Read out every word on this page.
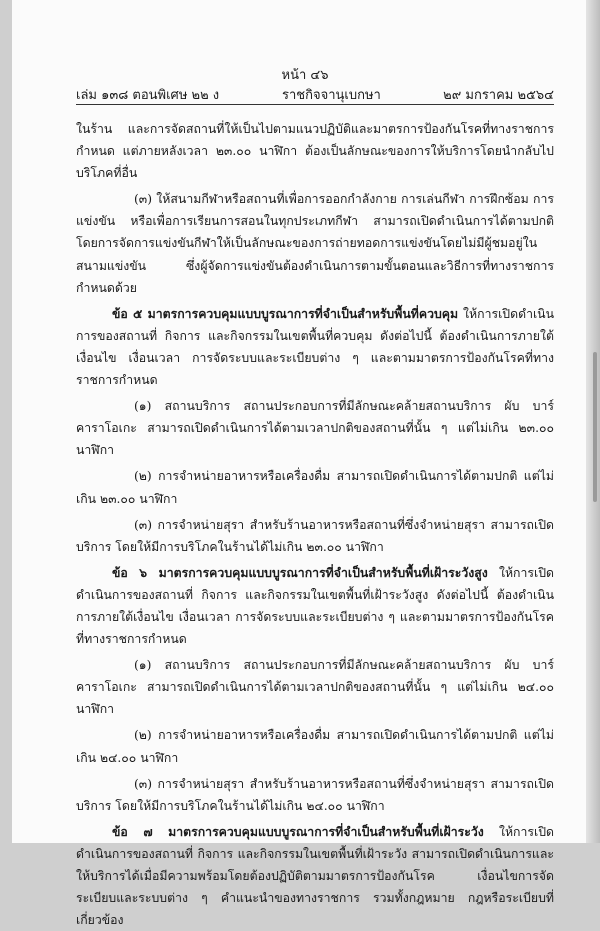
หน้า ๔๖
เล่ม ๑๓๘ ตอนพิเศษ ๒๒ ง	ราชกิจจานุเบกษา	๒๙ มกราคม ๒๕๖๔

ในร้าน และการจัดสถานที่ให้เป็นไปตามแนวปฏิบัติและมาตรการป้องกันโรคที่ทางราชการกำหนด แต่ภายหลังเวลา ๒๓.๐๐ นาฬิกา ต้องเป็นลักษณะของการให้บริการโดยนำกลับไปบริโภคที่อื่น

(๓) ให้สนามกีฬาหรือสถานที่เพื่อการออกกำลังกาย การเล่นกีฬา การฝึกซ้อม การแข่งขัน หรือเพื่อการเรียนการสอนในทุกประเภทกีฬา สามารถเปิดดำเนินการได้ตามปกติ โดยการจัดการแข่งขันกีฬาให้เป็นลักษณะของการถ่ายทอดการแข่งขันโดยไม่มีผู้ชมอยู่ในสนามแข่งขัน ซึ่งผู้จัดการแข่งขันต้องดำเนินการตามขั้นตอนและวิธีการที่ทางราชการกำหนดด้วย

ข้อ ๕ มาตรการควบคุมแบบบูรณาการที่จำเป็นสำหรับพื้นที่ควบคุม ให้การเปิดดำเนินการของสถานที่ กิจการ และกิจกรรมในเขตพื้นที่ควบคุม ดังต่อไปนี้ ต้องดำเนินการภายใต้เงื่อนไข เงื่อนเวลา การจัดระบบและระเบียบต่าง ๆ และตามมาตรการป้องกันโรคที่ทางราชการกำหนด

(๑) สถานบริการ สถานประกอบการที่มีลักษณะคล้ายสถานบริการ ผับ บาร์ คาราโอเกะ สามารถเปิดดำเนินการได้ตามเวลาปกติของสถานที่นั้น ๆ แต่ไม่เกิน ๒๓.๐๐ นาฬิกา

(๒) การจำหน่ายอาหารหรือเครื่องดื่ม สามารถเปิดดำเนินการได้ตามปกติ แต่ไม่เกิน ๒๓.๐๐ นาฬิกา

(๓) การจำหน่ายสุรา สำหรับร้านอาหารหรือสถานที่ซึ่งจำหน่ายสุรา สามารถเปิดบริการ โดยให้มีการบริโภคในร้านได้ไม่เกิน ๒๓.๐๐ นาฬิกา

ข้อ ๖ มาตรการควบคุมแบบบูรณาการที่จำเป็นสำหรับพื้นที่เฝ้าระวังสูง ให้การเปิดดำเนินการของสถานที่ กิจการ และกิจกรรมในเขตพื้นที่เฝ้าระวังสูง ดังต่อไปนี้ ต้องดำเนินการภายใต้เงื่อนไข เงื่อนเวลา การจัดระบบและระเบียบต่าง ๆ และตามมาตรการป้องกันโรคที่ทางราชการกำหนด

(๑) สถานบริการ สถานประกอบการที่มีลักษณะคล้ายสถานบริการ ผับ บาร์ คาราโอเกะ สามารถเปิดดำเนินการได้ตามเวลาปกติของสถานที่นั้น ๆ แต่ไม่เกิน ๒๔.๐๐ นาฬิกา

(๒) การจำหน่ายอาหารหรือเครื่องดื่ม สามารถเปิดดำเนินการได้ตามปกติ แต่ไม่เกิน ๒๔.๐๐ นาฬิกา

(๓) การจำหน่ายสุรา สำหรับร้านอาหารหรือสถานที่ซึ่งจำหน่ายสุรา สามารถเปิดบริการ โดยให้มีการบริโภคในร้านได้ไม่เกิน ๒๔.๐๐ นาฬิกา

ข้อ ๗ มาตรการควบคุมแบบบูรณาการที่จำเป็นสำหรับพื้นที่เฝ้าระวัง ให้การเปิดดำเนินการของสถานที่ กิจการ และกิจกรรมในเขตพื้นที่เฝ้าระวัง สามารถเปิดดำเนินการและให้บริการได้เมื่อมีความพร้อมโดยต้องปฏิบัติตามมาตรการป้องกันโรค เงื่อนไขการจัดระเบียบและระบบต่าง ๆ คำแนะนำของทางราชการ รวมทั้งกฎหมาย กฎหรือระเบียบที่เกี่ยวข้อง
